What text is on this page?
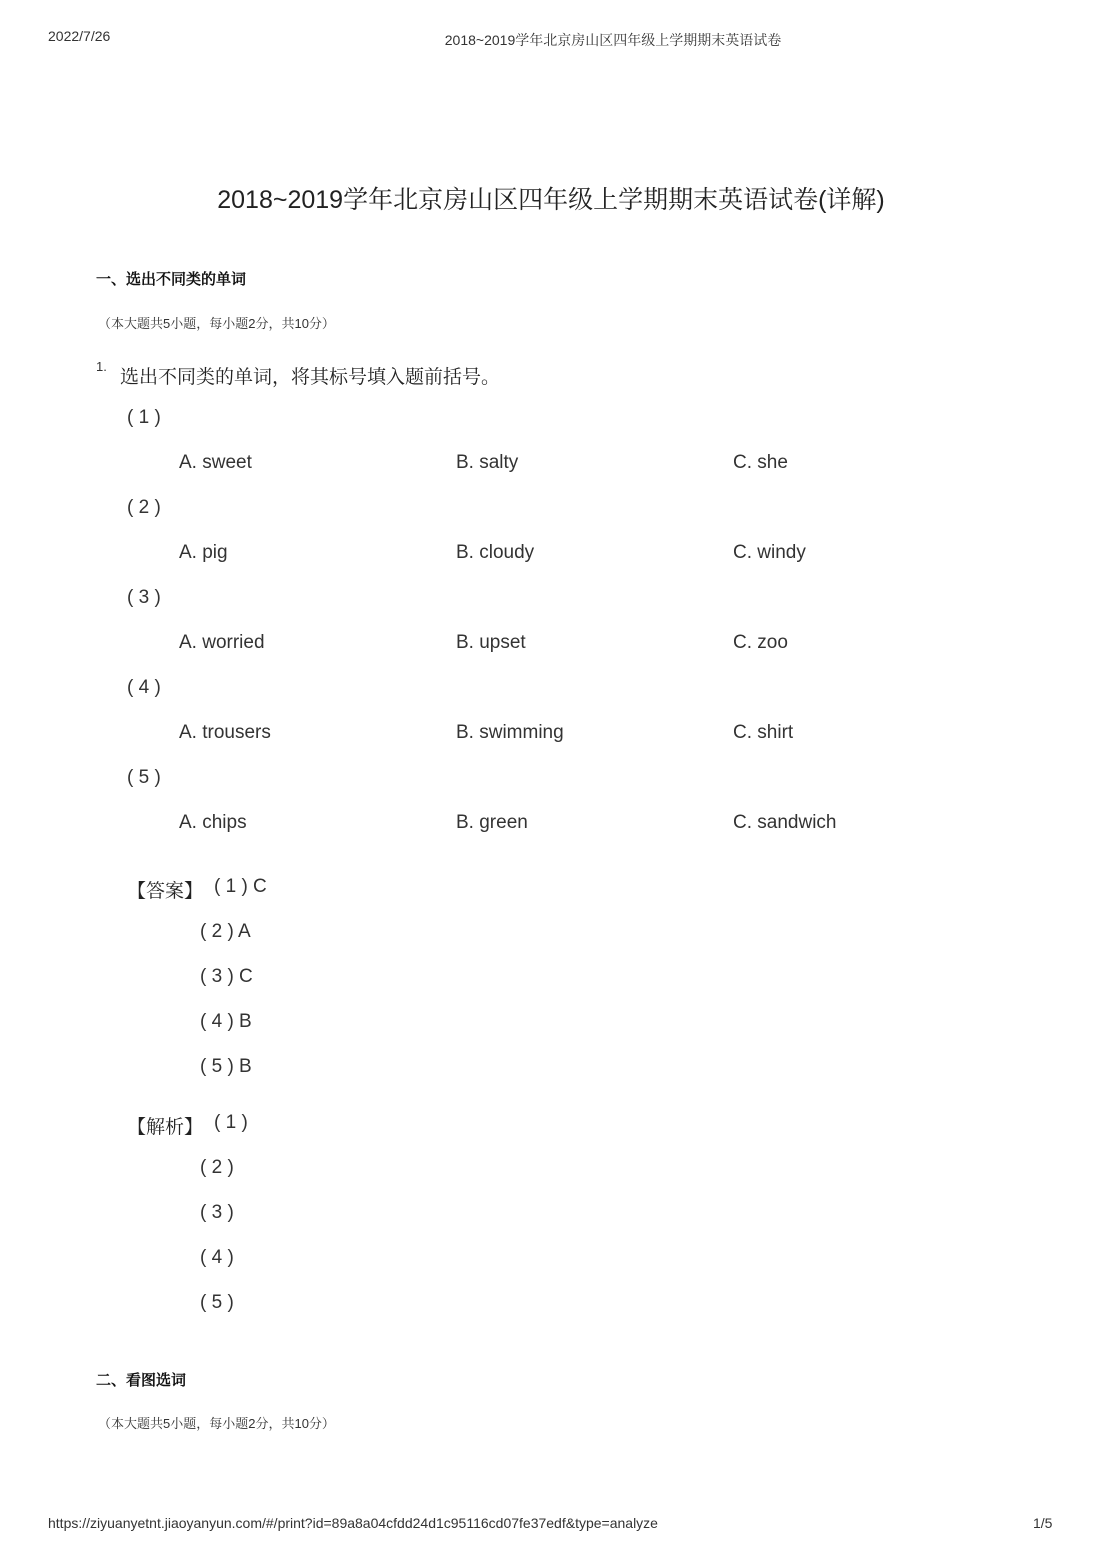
2022/7/26	2018~2019学年北京房山区四年级上学期期末英语试卷
2018~2019学年北京房山区四年级上学期期末英语试卷(详解)
一、选出不同类的单词
（本大题共5小题，每小题2分，共10分）
1.
选出不同类的单词，将其标号填入题前括号。
( 1 )
A. sweet	B. salty	C. she
( 2 )
A. pig	B. cloudy	C. windy
( 3 )
A. worried	B. upset	C. zoo
( 4 )
A. trousers	B. swimming	C. shirt
( 5 )
A. chips	B. green	C. sandwich
【答案】 ( 1 ) C
( 2 ) A
( 3 ) C
( 4 ) B
( 5 ) B
【解析】 ( 1 )
( 2 )
( 3 )
( 4 )
( 5 )
二、看图选词
（本大题共5小题，每小题2分，共10分）
https://ziyuanyetnt.jiaoyanyun.com/#/print?id=89a8a04cfdd24d1c95116cd07fe37edf&type=analyze	1/5
